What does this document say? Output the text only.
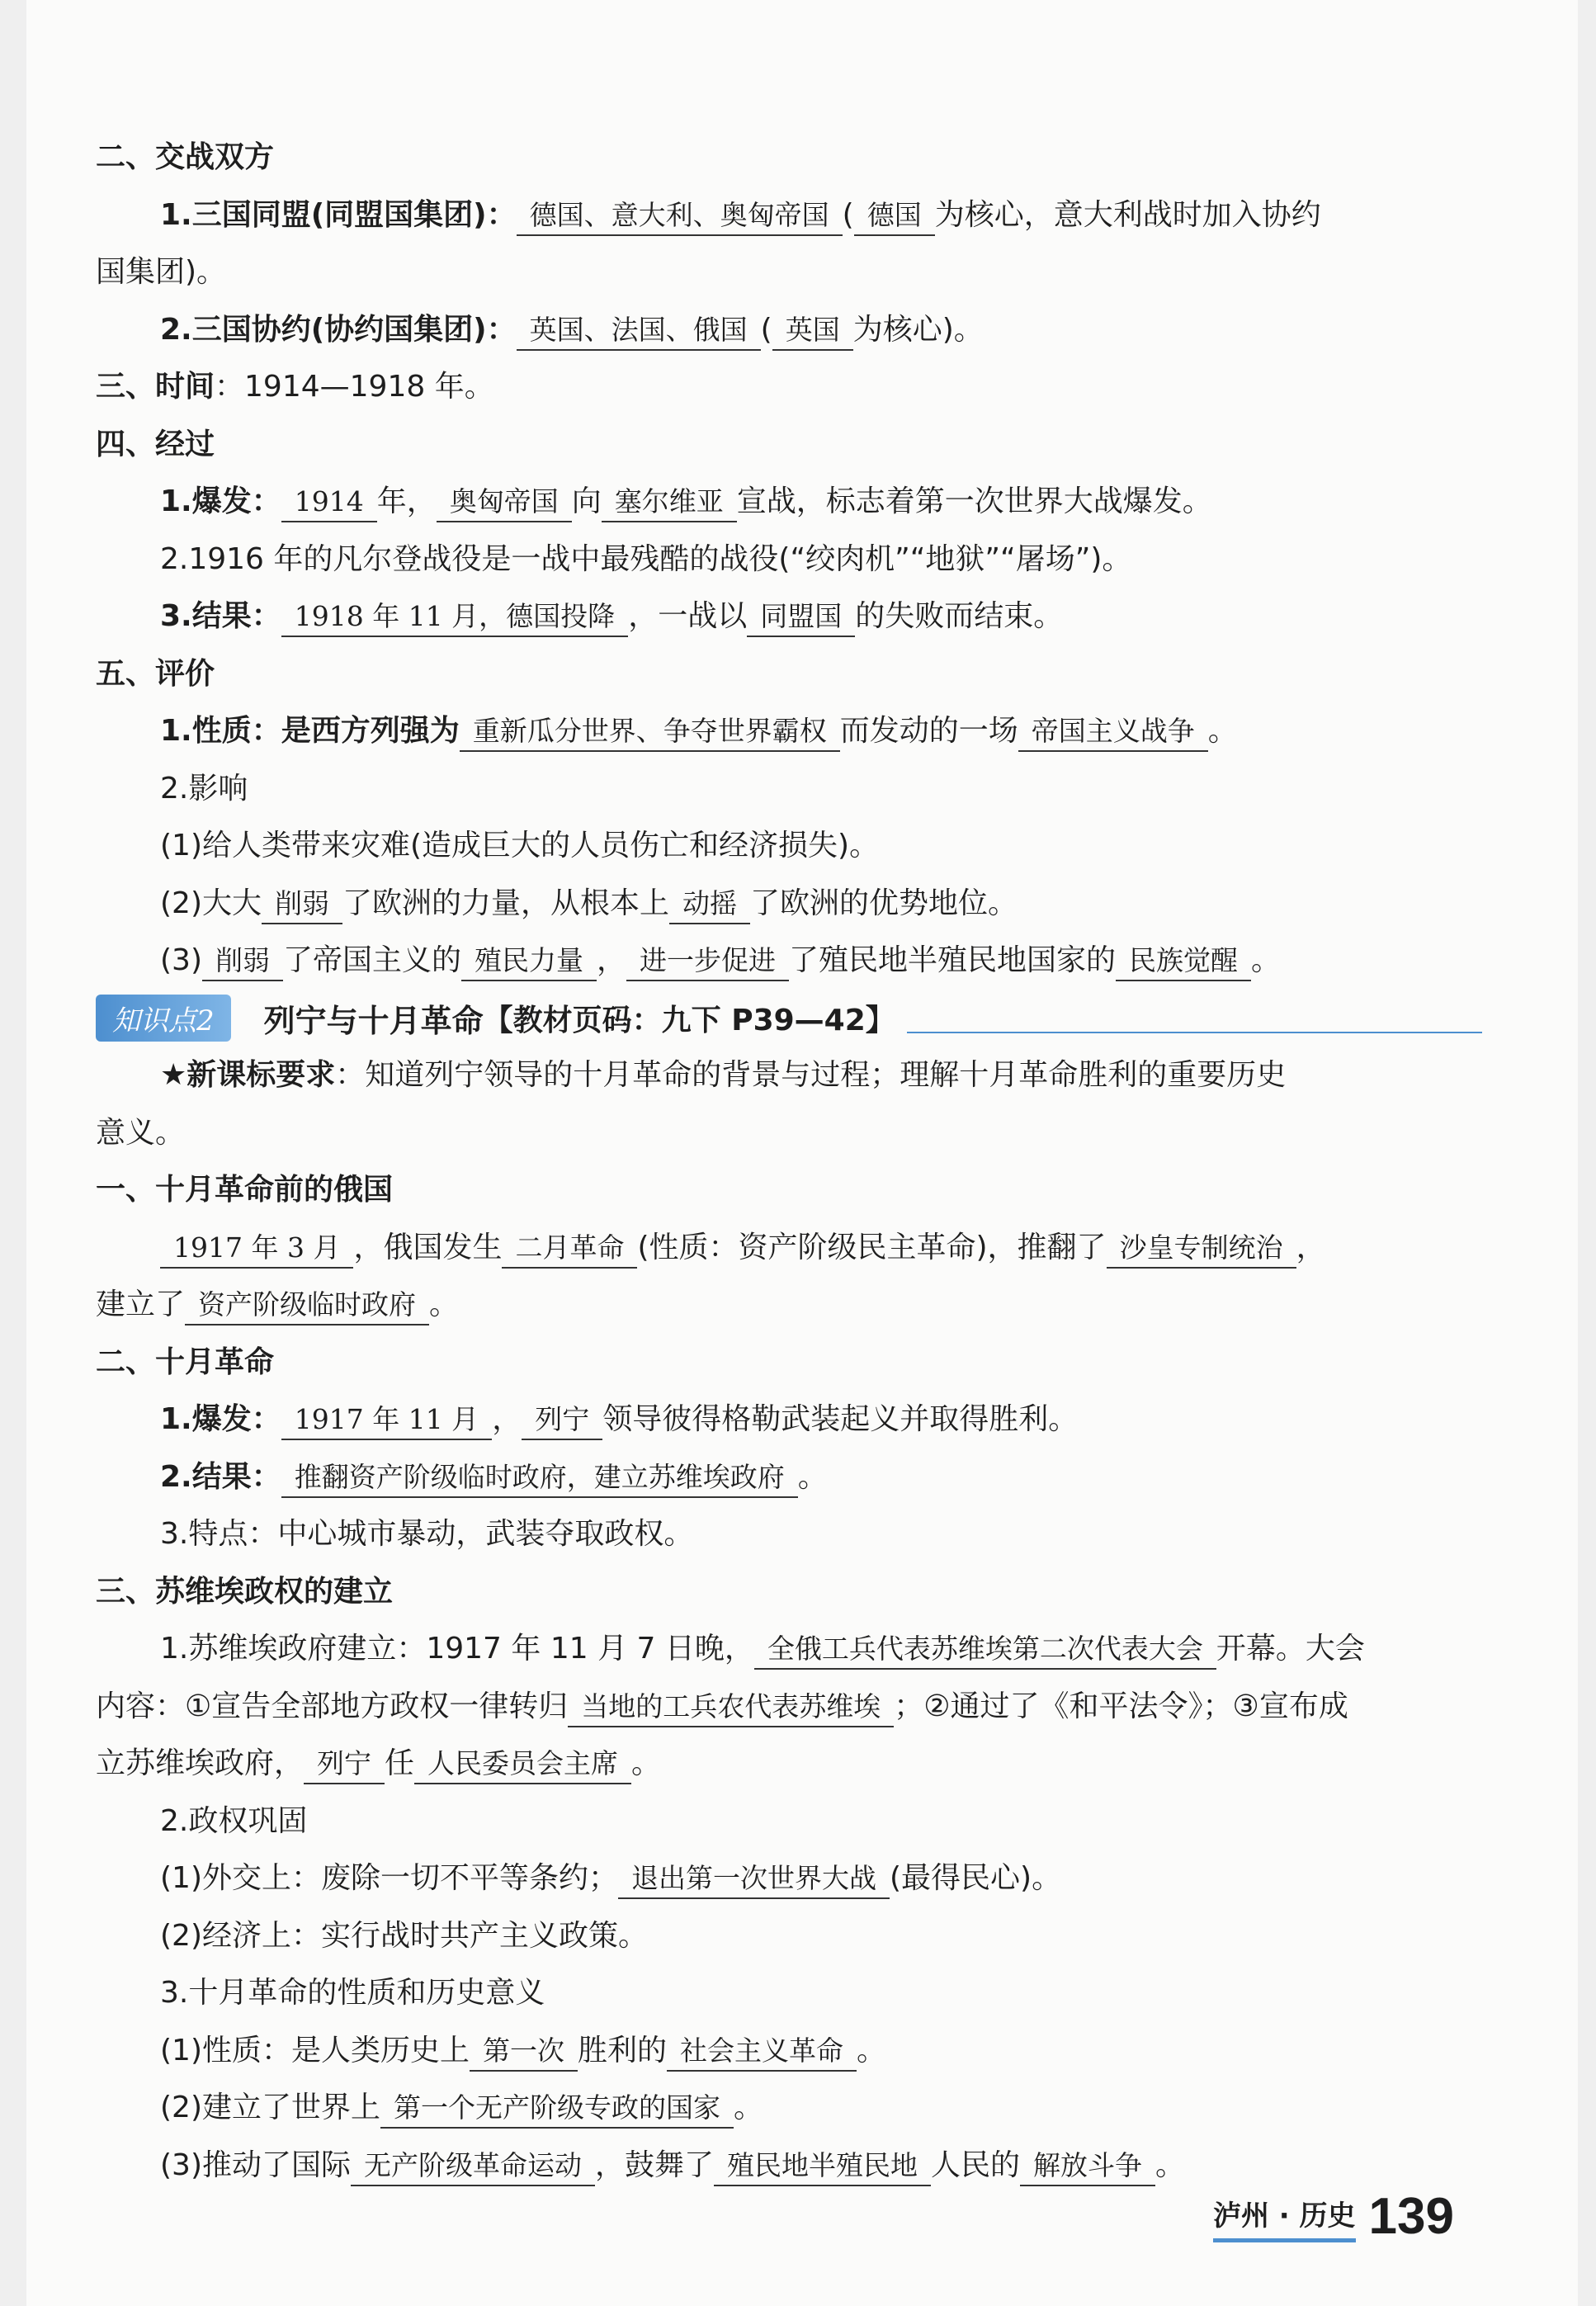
二、交战双方
1.三国同盟(同盟国集团)： 德国、意大利、奥匈帝国 ( 德国 为核心，意大利战时加入协约
国集团)。
2.三国协约(协约国集团)： 英国、法国、俄国 ( 英国 为核心)。
三、时间：1914—1918 年。
四、经过
1.爆发： 1914 年， 奥匈帝国 向 塞尔维亚 宣战，标志着第一次世界大战爆发。
2.1916 年的凡尔登战役是一战中最残酷的战役(“绞肉机”“地狱”“屠场”)。
3.结果： 1918 年 11 月，德国投降 ，一战以 同盟国 的失败而结束。
五、评价
1.性质：是西方列强为 重新瓜分世界、争夺世界霸权 而发动的一场 帝国主义战争 。
2.影响
(1)给人类带来灾难(造成巨大的人员伤亡和经济损失)。
(2)大大 削弱 了欧洲的力量，从根本上 动摇 了欧洲的优势地位。
(3) 削弱 了帝国主义的 殖民力量 ， 进一步促进 了殖民地半殖民地国家的 民族觉醒 。
知识点2	列宁与十月革命 【教材页码：九下 P39—42】
★新课标要求：知道列宁领导的十月革命的背景与过程；理解十月革命胜利的重要历史
意义。
一、十月革命前的俄国
1917 年 3 月 ，俄国发生 二月革命 (性质：资产阶级民主革命)，推翻了 沙皇专制统治 ，
建立了 资产阶级临时政府 。
二、十月革命
1.爆发： 1917 年 11 月 ， 列宁 领导彼得格勒武装起义并取得胜利。
2.结果： 推翻资产阶级临时政府，建立苏维埃政府 。
3.特点：中心城市暴动，武装夺取政权。
三、苏维埃政权的建立
1.苏维埃政府建立：1917 年 11 月 7 日晚， 全俄工兵代表苏维埃第二次代表大会 开幕。大会
内容：①宣告全部地方政权一律转归 当地的工兵农代表苏维埃 ；②通过了《和平法令》；③宣布成
立苏维埃政府， 列宁 任 人民委员会主席 。
2.政权巩固
(1)外交上：废除一切不平等条约； 退出第一次世界大战 (最得民心)。
(2)经济上：实行战时共产主义政策。
3.十月革命的性质和历史意义
(1)性质：是人类历史上 第一次 胜利的 社会主义革命 。
(2)建立了世界上 第一个无产阶级专政的国家 。
(3)推动了国际 无产阶级革命运动 ，鼓舞了 殖民地半殖民地 人民的 解放斗争 。
泸州 · 历史 139
